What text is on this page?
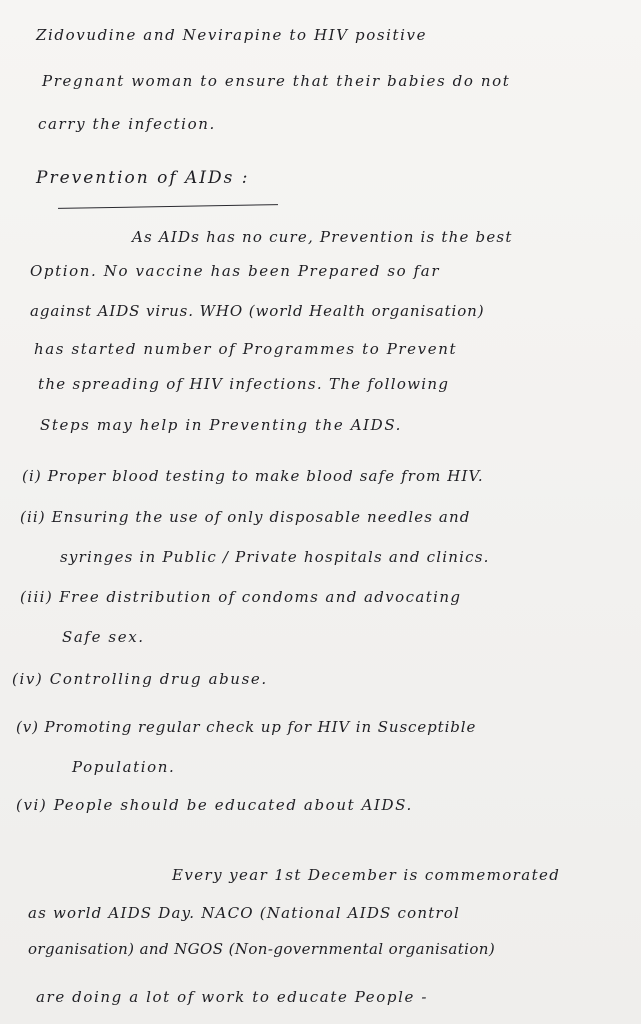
Zidovudine and Nevirapine to HIV positive
Pregnant woman to ensure that their babies do not
carry the infection.
Prevention of AIDs :
As AIDs has no cure, Prevention is the best
Option. No vaccine has been Prepared so far
against AIDS virus. WHO (world Health organisation)
has started number of Programmes to Prevent
the spreading of HIV infections. The following
Steps may help in Preventing the AIDS.
(i) Proper blood testing to make blood safe from HIV.
(ii) Ensuring the use of only disposable needles and
syringes in Public / Private hospitals and clinics.
(iii) Free distribution of condoms and advocating
Safe sex.
(iv) Controlling drug abuse.
(v) Promoting regular check up for HIV in Susceptible
Population.
(vi) People should be educated about AIDS.
Every year 1st December is commemorated
as world AIDS Day. NACO (National AIDS control
organisation) and NGOS (Non-governmental organisation)
are doing a lot of work to educate People -
